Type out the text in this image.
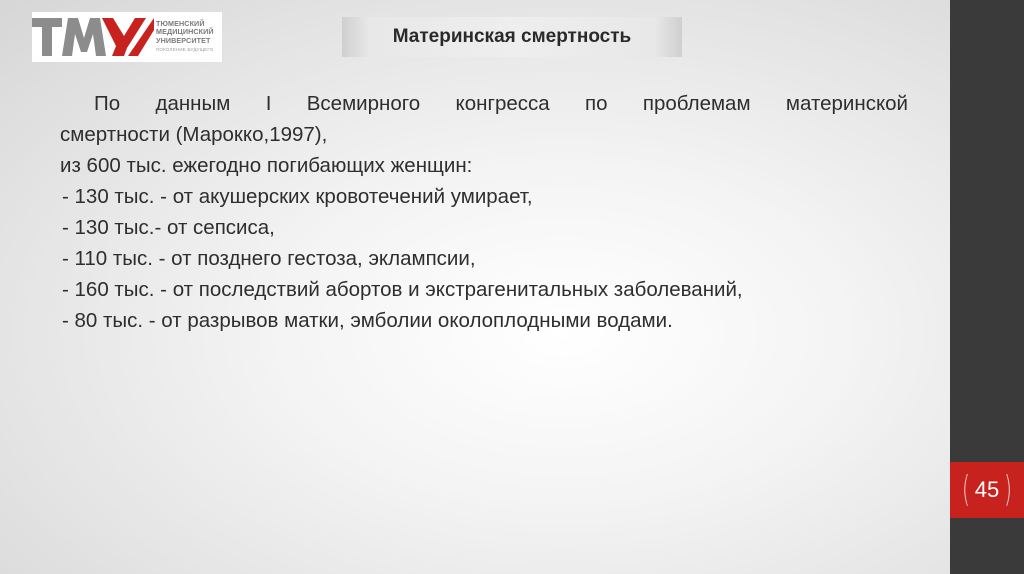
( 45 )
ТЮМЕНСКИЙ
МЕДИЦИНСКИЙ
УНИВЕРСИТЕТ
ПОКОЛЕНИЕ БУДУЩЕГО
Материнская смертность
По данным I Всемирного конгресса по проблемам материнской
смертности (Марокко,1997),
из 600 тыс. ежегодно погибающих женщин:
- 130 тыс. - от акушерских кровотечений умирает,
- 130 тыс.- от сепсиса,
- 110 тыс. - от позднего гестоза, эклампсии,
- 160 тыс. - от последствий абортов и экстрагенитальных заболеваний,
- 80 тыс. - от разрывов матки, эмболии околоплодными водами.
